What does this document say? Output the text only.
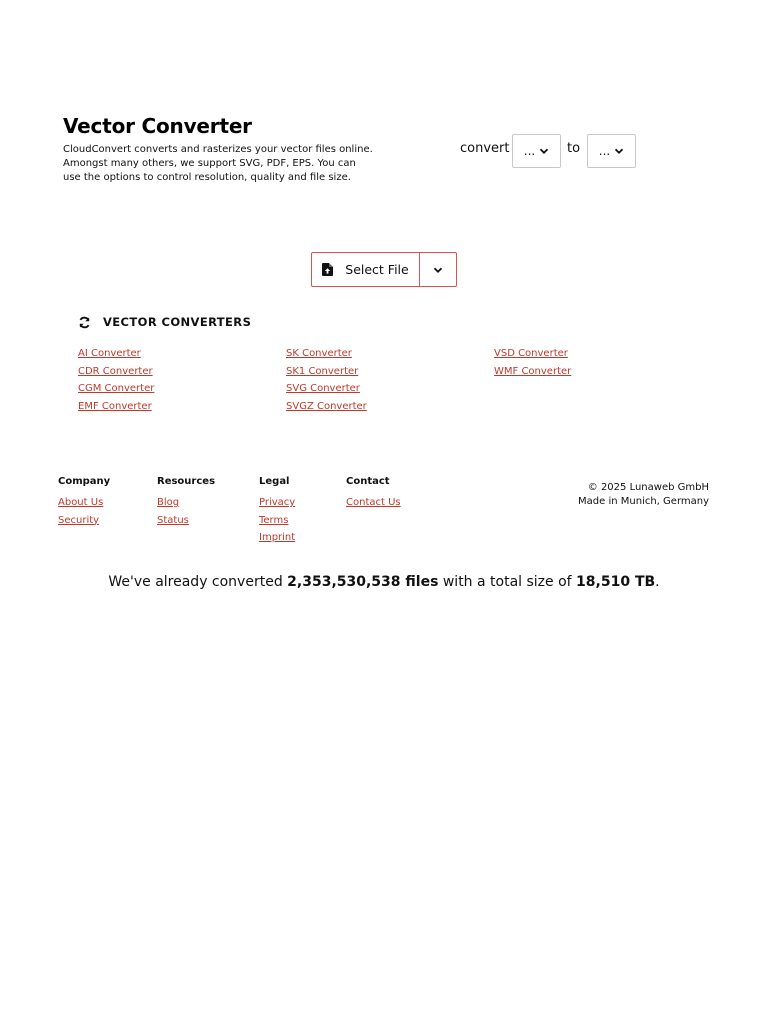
Vector Converter
CloudConvert converts and rasterizes your vector files online. Amongst many others, we support SVG, PDF, EPS. You can use the options to control resolution, quality and file size.
convert ... to ...
Select File
VECTOR CONVERTERS
AI Converter
CDR Converter
CGM Converter
EMF Converter
SK Converter
SK1 Converter
SVG Converter
SVGZ Converter
VSD Converter
WMF Converter
Company
About Us
Security
Resources
Blog
Status
Legal
Privacy
Terms
Imprint
Contact
Contact Us
© 2025 Lunaweb GmbH
Made in Munich, Germany
We've already converted 2,353,530,538 files with a total size of 18,510 TB.
